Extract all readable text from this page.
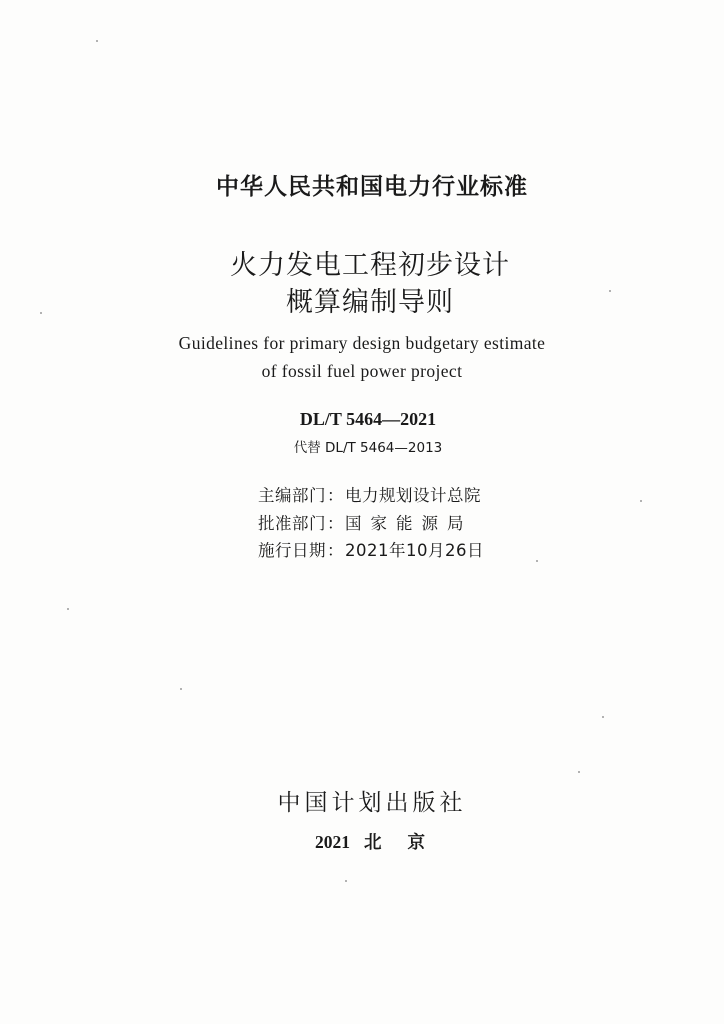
中华人民共和国电力行业标准
火力发电工程初步设计
概算编制导则
Guidelines for primary design budgetary estimate
of fossil fuel power project
DL/T 5464—2021
代替 DL/T 5464—2013
主编部门：电力规划设计总院
批准部门：国家能源局
施行日期：2021年10月26日
中国计划出版社
2021 北 京
